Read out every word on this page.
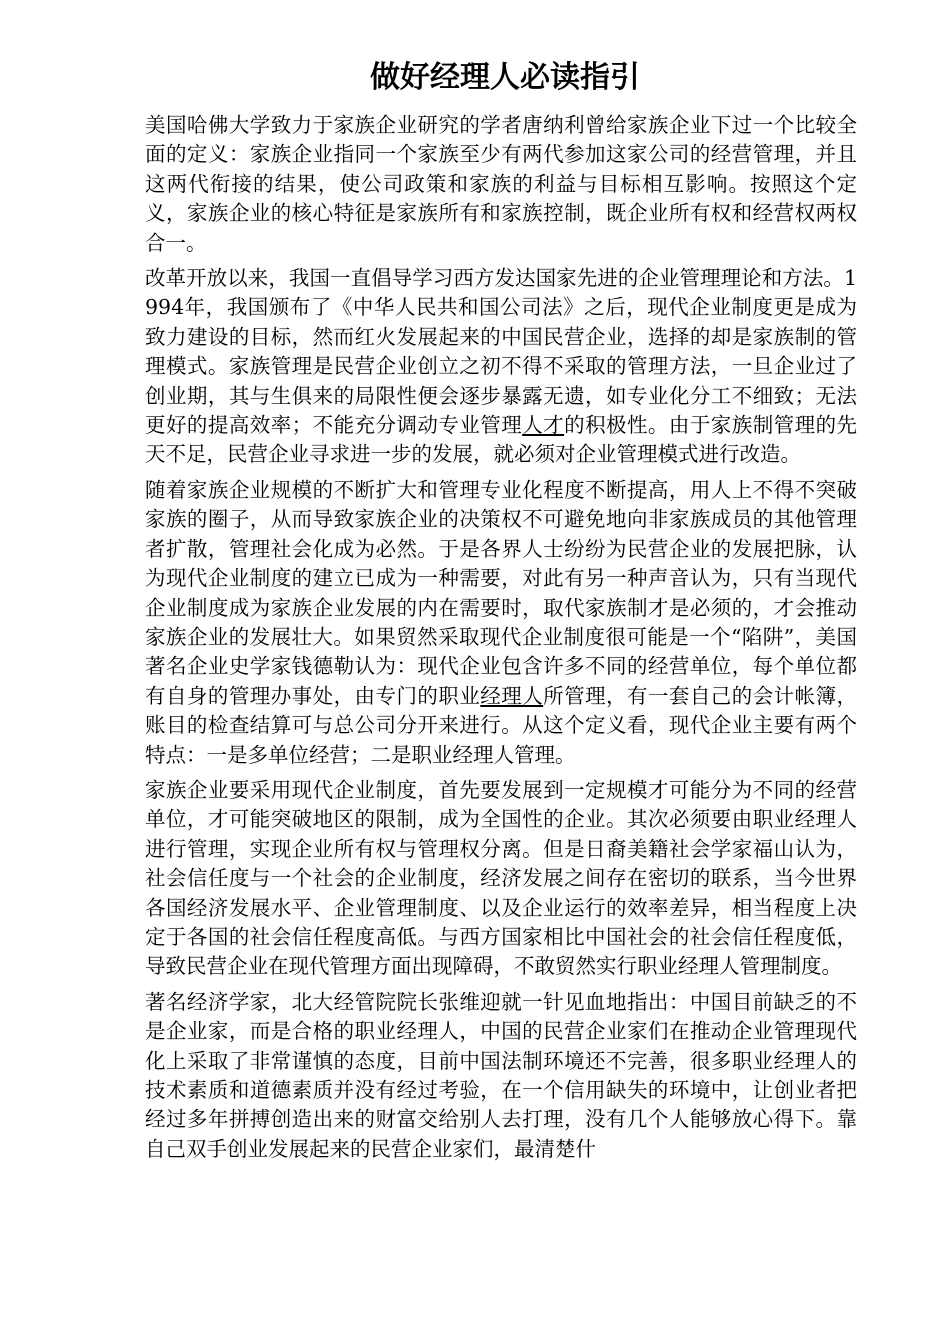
做好经理人必读指引

美国哈佛大学致力于家族企业研究的学者唐纳利曾给家族企业下过一个比较全面的定义：家族企业指同一个家族至少有两代参加这家公司的经营管理，并且这两代衔接的结果，使公司政策和家族的利益与目标相互影响。按照这个定义，家族企业的核心特征是家族所有和家族控制，既企业所有权和经营权两权合一。

改革开放以来，我国一直倡导学习西方发达国家先进的企业管理理论和方法。1994年，我国颁布了《中华人民共和国公司法》之后，现代企业制度更是成为致力建设的目标，然而红火发展起来的中国民营企业，选择的却是家族制的管理模式。家族管理是民营企业创立之初不得不采取的管理方法，一旦企业过了创业期，其与生俱来的局限性便会逐步暴露无遗，如专业化分工不细致；无法更好的提高效率；不能充分调动专业管理人才的积极性。由于家族制管理的先天不足，民营企业寻求进一步的发展，就必须对企业管理模式进行改造。

随着家族企业规模的不断扩大和管理专业化程度不断提高，用人上不得不突破家族的圈子，从而导致家族企业的决策权不可避免地向非家族成员的其他管理者扩散，管理社会化成为必然。于是各界人士纷纷为民营企业的发展把脉，认为现代企业制度的建立已成为一种需要，对此有另一种声音认为，只有当现代企业制度成为家族企业发展的内在需要时，取代家族制才是必须的，才会推动家族企业的发展壮大。如果贸然采取现代企业制度很可能是一个“陷阱”，美国著名企业史学家钱德勒认为：现代企业包含许多不同的经营单位，每个单位都有自身的管理办事处，由专门的职业经理人所管理，有一套自己的会计帐簿，账目的检查结算可与总公司分开来进行。从这个定义看，现代企业主要有两个特点：一是多单位经营；二是职业经理人管理。

家族企业要采用现代企业制度，首先要发展到一定规模才可能分为不同的经营单位，才可能突破地区的限制，成为全国性的企业。其次必须要由职业经理人进行管理，实现企业所有权与管理权分离。但是日裔美籍社会学家福山认为，社会信任度与一个社会的企业制度，经济发展之间存在密切的联系，当今世界各国经济发展水平、企业管理制度、以及企业运行的效率差异，相当程度上决定于各国的社会信任程度高低。与西方国家相比中国社会的社会信任程度低，导致民营企业在现代管理方面出现障碍，不敢贸然实行职业经理人管理制度。

著名经济学家，北大经管院院长张维迎就一针见血地指出：中国目前缺乏的不是企业家，而是合格的职业经理人，中国的民营企业家们在推动企业管理现代化上采取了非常谨慎的态度，目前中国法制环境还不完善，很多职业经理人的技术素质和道德素质并没有经过考验，在一个信用缺失的环境中，让创业者把经过多年拼搏创造出来的财富交给别人去打理，没有几个人能够放心得下。靠自己双手创业发展起来的民营企业家们，最清楚什
